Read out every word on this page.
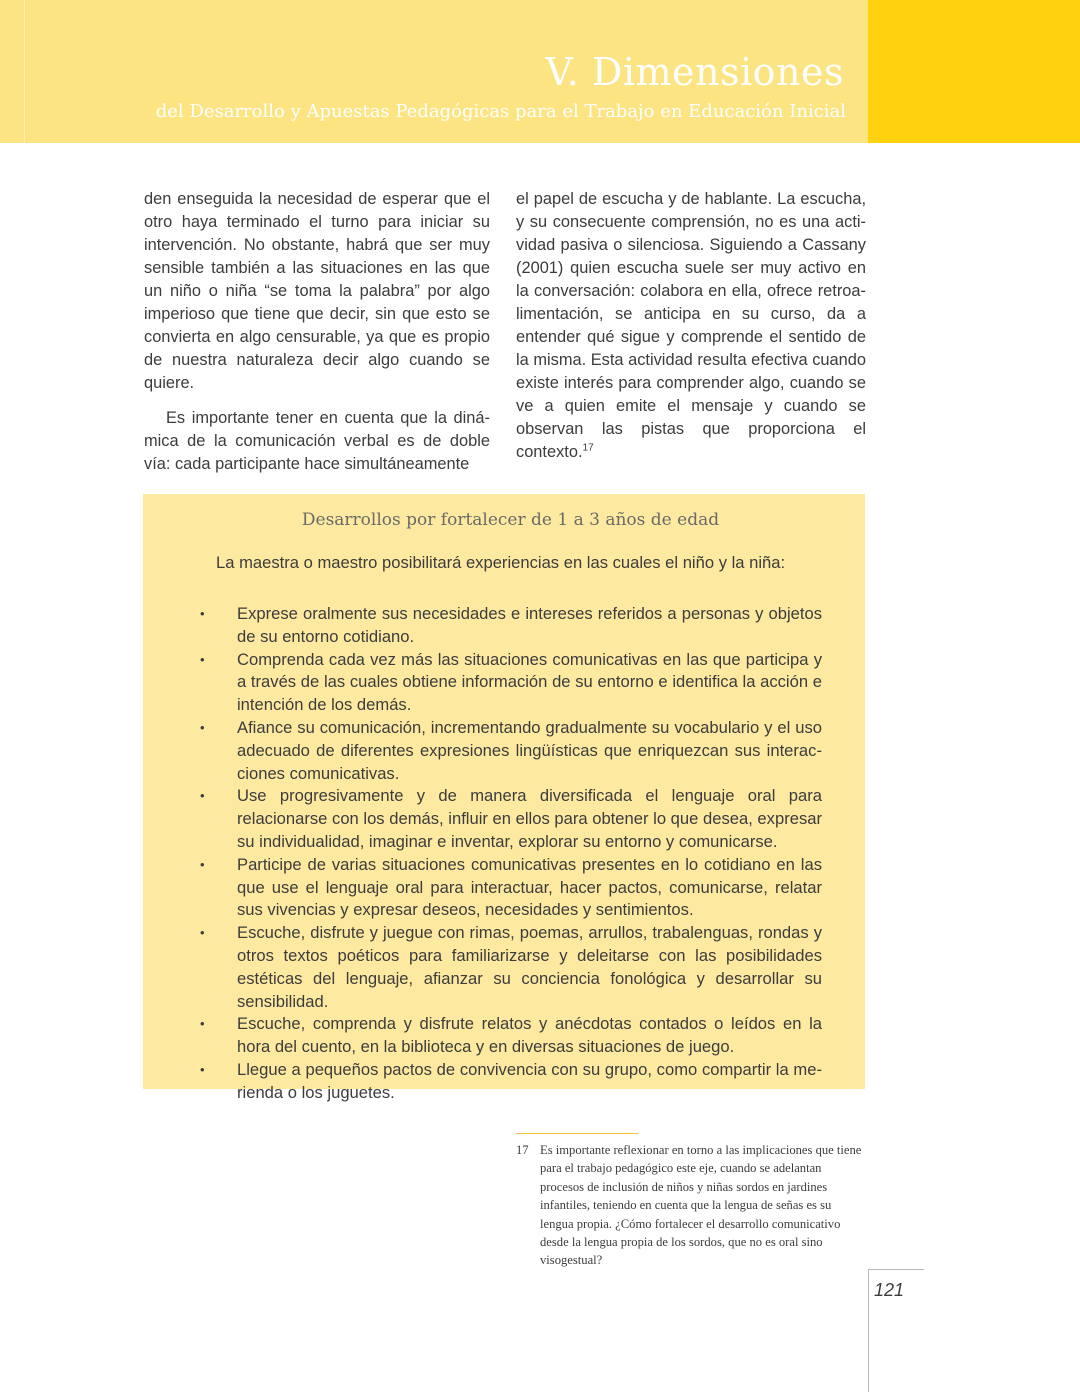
V. Dimensiones
del Desarrollo y Apuestas Pedagógicas para el Trabajo en Educación Inicial

den enseguida la necesidad de esperar que el otro haya terminado el turno para iniciar su intervención. No obstante, habrá que ser muy sensible también a las situaciones en las que un niño o niña “se toma la palabra” por algo imperioso que tiene que decir, sin que esto se convierta en algo censurable, ya que es propio de nuestra naturaleza decir algo cuando se quiere.

Es importante tener en cuenta que la dinámica de la comunicación verbal es de doble vía: cada participante hace simultáneamente

el papel de escucha y de hablante. La escucha, y su consecuente comprensión, no es una actividad pasiva o silenciosa. Siguiendo a Cassany (2001) quien escucha suele ser muy activo en la conversación: colabora en ella, ofrece retroalimentación, se anticipa en su curso, da a entender qué sigue y comprende el sentido de la misma. Esta actividad resulta efectiva cuando existe interés para comprender algo, cuando se ve a quien emite el mensaje y cuando se observan las pistas que proporciona el contexto.$^{17}$

Desarrollos por fortalecer de 1 a 3 años de edad
La maestra o maestro posibilitará experiencias en las cuales el niño y la niña:
• Exprese oralmente sus necesidades e intereses referidos a personas y objetos de su entorno cotidiano.
• Comprenda cada vez más las situaciones comunicativas en las que participa y a través de las cuales obtiene información de su entorno e identifica la acción e intención de los demás.
• Afiance su comunicación, incrementando gradualmente su vocabulario y el uso adecuado de diferentes expresiones lingüísticas que enriquezcan sus interacciones comunicativas.
• Use progresivamente y de manera diversificada el lenguaje oral para relacionarse con los demás, influir en ellos para obtener lo que desea, expresar su individualidad, imaginar e inventar, explorar su entorno y comunicarse.
• Participe de varias situaciones comunicativas presentes en lo cotidiano en las que use el lenguaje oral para interactuar, hacer pactos, comunicarse, relatar sus vivencias y expresar deseos, necesidades y sentimientos.
• Escuche, disfrute y juegue con rimas, poemas, arrullos, trabalenguas, rondas y otros textos poéticos para familiarizarse y deleitarse con las posibilidades estéticas del lenguaje, afianzar su conciencia fonológica y desarrollar su sensibilidad.
• Escuche, comprenda y disfrute relatos y anécdotas contados o leídos en la hora del cuento, en la biblioteca y en diversas situaciones de juego.
• Llegue a pequeños pactos de convivencia con su grupo, como compartir la merienda o los juguetes.
17 Es importante reflexionar en torno a las implicaciones que tiene para el trabajo pedagógico este eje, cuando se adelantan procesos de inclusión de niños y niñas sordos en jardines infantiles, teniendo en cuenta que la lengua de señas es su lengua propia. ¿Cómo fortalecer el desarrollo comunicativo desde la lengua propia de los sordos, que no es oral sino visogestual?
121
